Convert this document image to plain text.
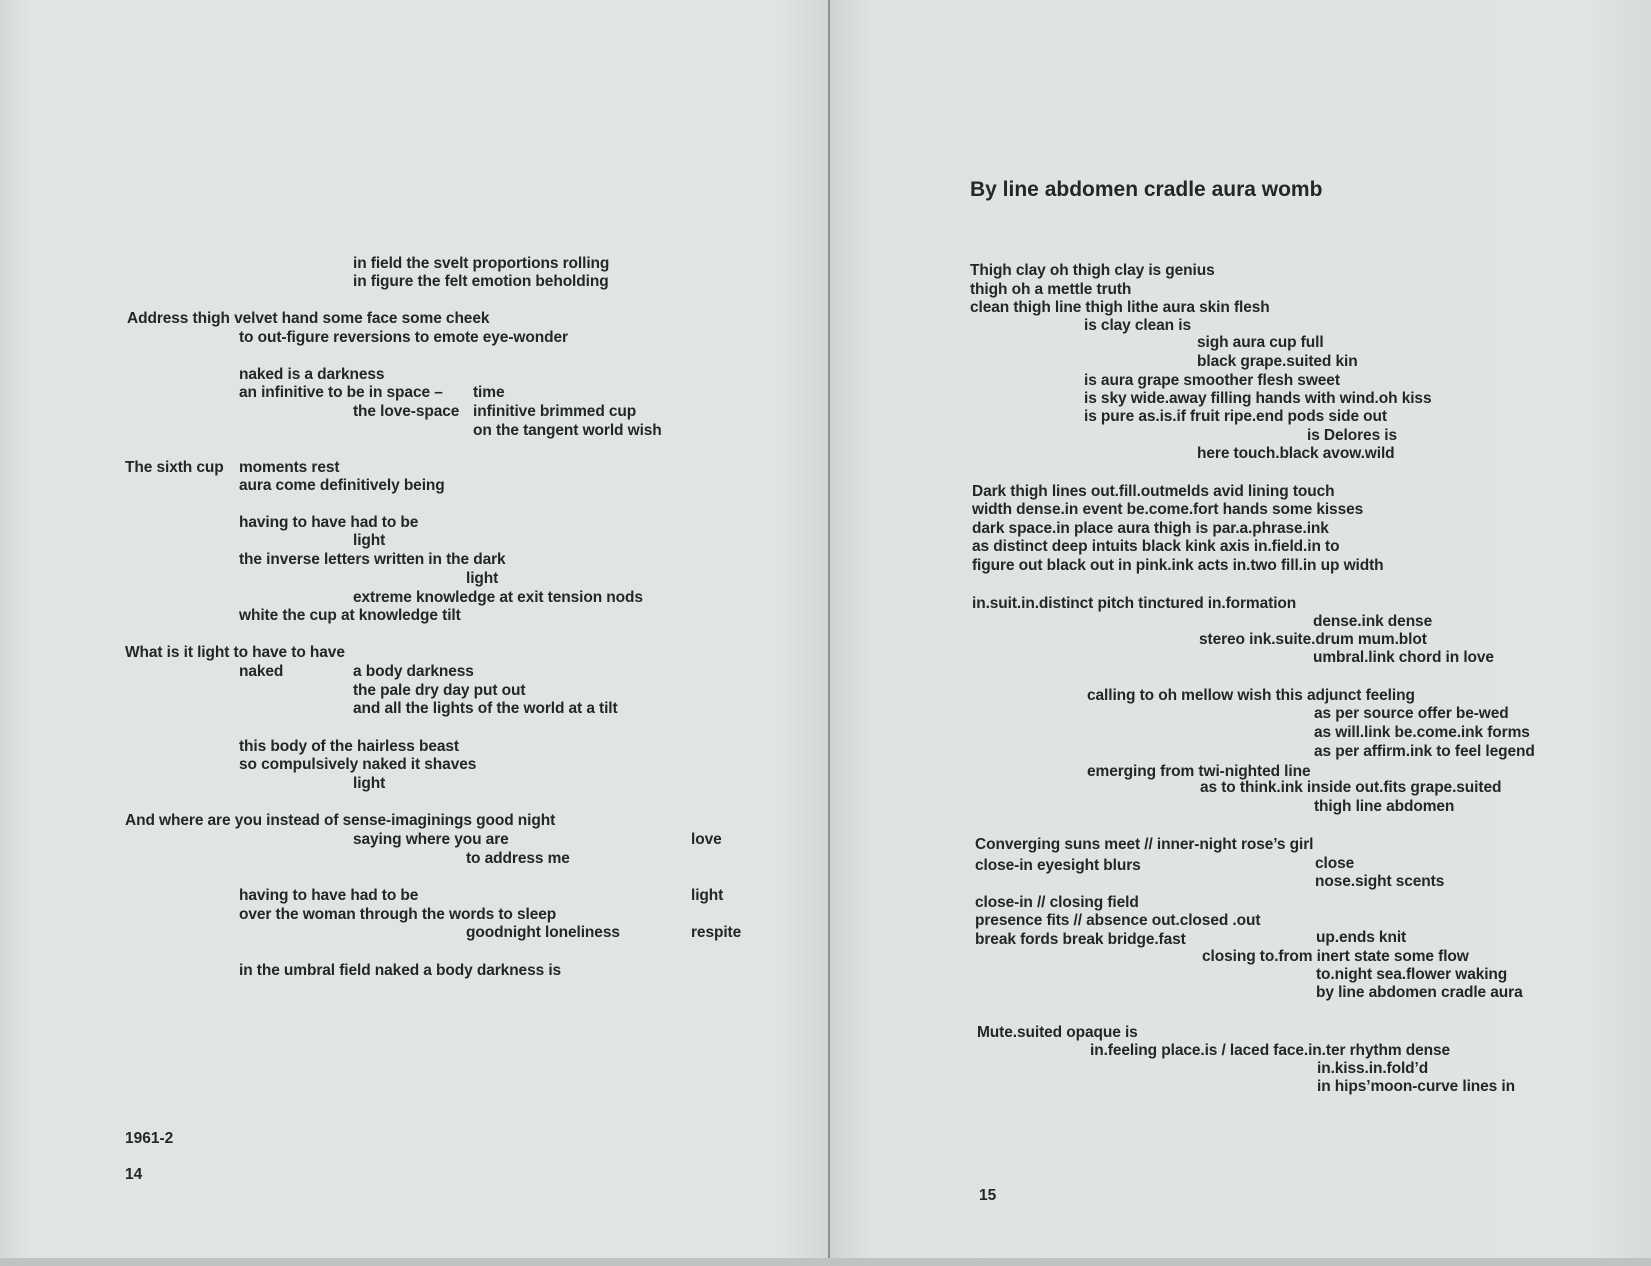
in field the svelt proportions rolling
in figure the felt emotion beholding
Address thigh velvet hand some face some cheek
to out-figure reversions to emote eye-wonder
naked is a darkness
an infinitive to be in space – time
the love-space infinitive brimmed cup
on the tangent world wish
The sixth cup moments rest
aura come definitively being
having to have had to be
light
the inverse letters written in the dark
light
extreme knowledge at exit tension nods
white the cup at knowledge tilt
What is it light to have to have
naked	a body darkness
the pale dry day put out
and all the lights of the world at a tilt
this body of the hairless beast
so compulsively naked it shaves
light
And where are you instead of sense-imaginings good night
saying where you are	love
to address me
having to have had to be	light
over the woman through the words to sleep
goodnight loneliness	respite
in the umbral field naked a body darkness is
1961-2
14
By line abdomen cradle aura womb
Thigh clay oh thigh clay is genius
thigh oh a mettle truth
clean thigh line thigh lithe aura skin flesh
is clay clean is
sigh aura cup full
black grape.suited kin
is aura grape smoother flesh sweet
is sky wide.away filling hands with wind.oh kiss
is pure as.is.if fruit ripe.end pods side out
is Delores is
here touch.black avow.wild
Dark thigh lines out.fill.outmelds avid lining touch
width dense.in event be.come.fort hands some kisses
dark space.in place aura thigh is par.a.phrase.ink
as distinct deep intuits black kink axis in.field.in to
figure out black out in pink.ink acts in.two fill.in up width
in.suit.in.distinct pitch tinctured in.formation
dense.ink dense
stereo ink.suite.drum mum.blot
umbral.link chord in love
calling to oh mellow wish this adjunct feeling
as per source offer be-wed
as will.link be.come.ink forms
as per affirm.ink to feel legend
emerging from twi-nighted line
as to think.ink inside out.fits grape.suited
thigh line abdomen
Converging suns meet // inner-night rose’s girl
close-in eyesight blurs	close
nose.sight scents
close-in // closing field
presence fits // absence out.closed .out
break fords break bridge.fast	up.ends knit
closing to.from inert state some flow
to.night sea.flower waking
by line abdomen cradle aura
Mute.suited opaque is
in.feeling place.is / laced face.in.ter rhythm dense
in.kiss.in.fold’d
in hips’moon-curve lines in
15
